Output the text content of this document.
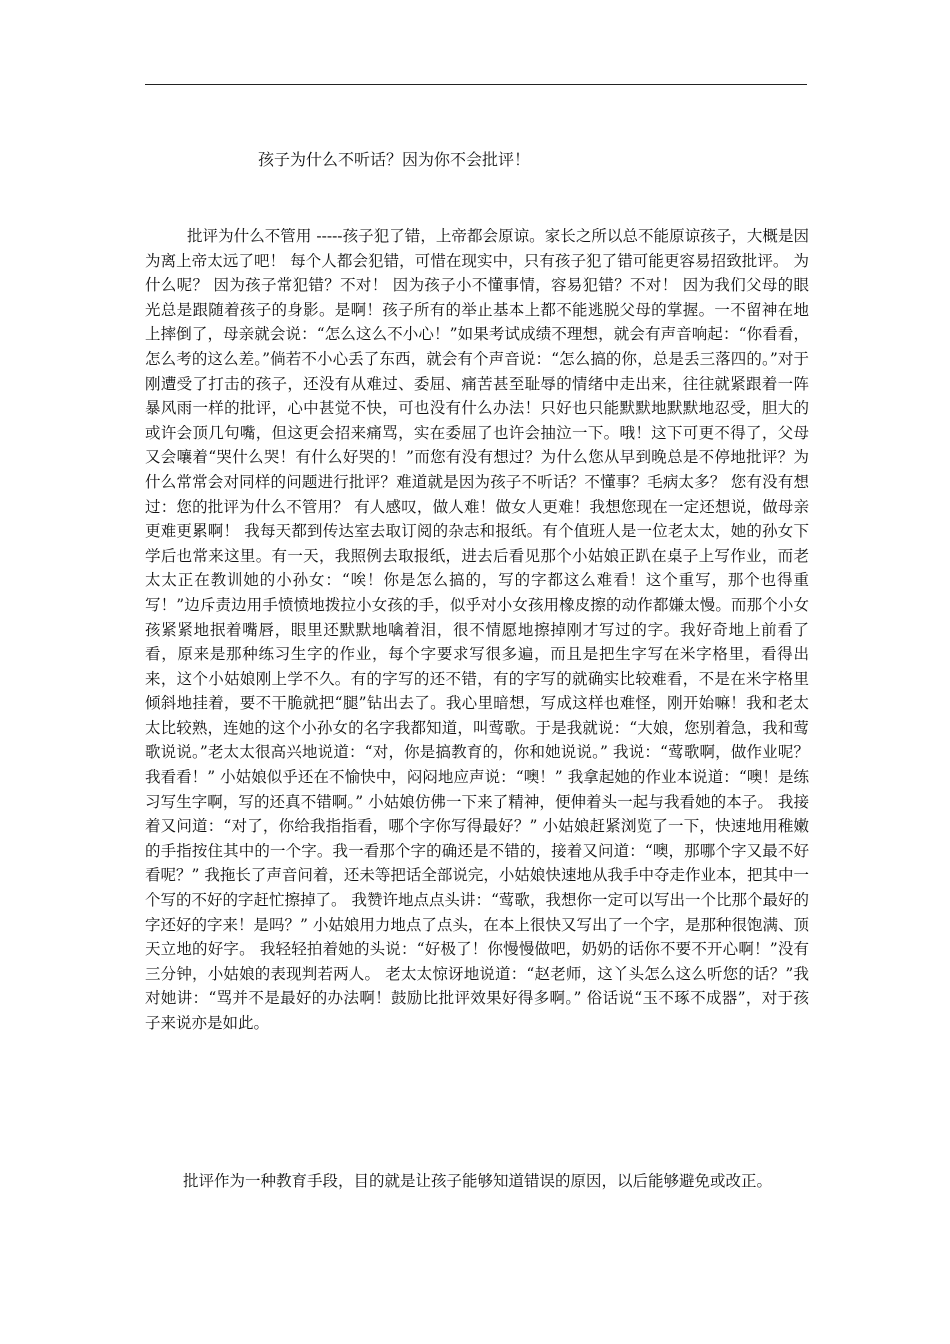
孩子为什么不听话？因为你不会批评！

批评为什么不管用 -----孩子犯了错，上帝都会原谅。家长之所以总不能原谅孩子，大概是因为离上帝太远了吧！ 每个人都会犯错，可惜在现实中，只有孩子犯了错可能更容易招致批评。 为什么呢？ 因为孩子常犯错？不对！ 因为孩子小不懂事情，容易犯错？不对！ 因为我们父母的眼光总是跟随着孩子的身影。是啊！孩子所有的举止基本上都不能逃脱父母的掌握。一不留神在地上摔倒了，母亲就会说：“怎么这么不小心！”如果考试成绩不理想，就会有声音响起：“你看看，怎么考的这么差。”倘若不小心丢了东西，就会有个声音说：“怎么搞的你，总是丢三落四的。”对于刚遭受了打击的孩子，还没有从难过、委屈、痛苦甚至耻辱的情绪中走出来，往往就紧跟着一阵暴风雨一样的批评，心中甚觉不快，可也没有什么办法！只好也只能默默地默默地忍受，胆大的或许会顶几句嘴，但这更会招来痛骂，实在委屈了也许会抽泣一下。哦！这下可更不得了，父母又会嚷着“哭什么哭！有什么好哭的！”而您有没有想过？为什么您从早到晚总是不停地批评？为什么常常会对同样的问题进行批评？难道就是因为孩子不听话？不懂事？毛病太多？ 您有没有想过：您的批评为什么不管用？ 有人感叹，做人难！做女人更难！我想您现在一定还想说，做母亲更难更累啊！ 我每天都到传达室去取订阅的杂志和报纸。有个值班人是一位老太太，她的孙女下学后也常来这里。有一天，我照例去取报纸，进去后看见那个小姑娘正趴在桌子上写作业，而老太太正在教训她的小孙女：“唉！你是怎么搞的，写的字都这么难看！这个重写，那个也得重写！”边斥责边用手愤愤地拨拉小女孩的手，似乎对小女孩用橡皮擦的动作都嫌太慢。而那个小女孩紧紧地抿着嘴唇，眼里还默默地噙着泪，很不情愿地擦掉刚才写过的字。我好奇地上前看了看，原来是那种练习生字的作业，每个字要求写很多遍，而且是把生字写在米字格里，看得出来，这个小姑娘刚上学不久。有的字写的还不错，有的字写的就确实比较难看，不是在米字格里倾斜地挂着，要不干脆就把“腿”钻出去了。我心里暗想，写成这样也难怪，刚开始嘛！我和老太太比较熟，连她的这个小孙女的名字我都知道，叫莺歌。于是我就说：“大娘，您别着急，我和莺歌说说。”老太太很高兴地说道：“对，你是搞教育的，你和她说说。” 我说：“莺歌啊，做作业呢？我看看！” 小姑娘似乎还在不愉快中，闷闷地应声说：“噢！” 我拿起她的作业本说道：“噢！是练习写生字啊，写的还真不错啊。” 小姑娘仿佛一下来了精神，便伸着头一起与我看她的本子。 我接着又问道：“对了，你给我指指看，哪个字你写得最好？” 小姑娘赶紧浏览了一下，快速地用稚嫩的手指按住其中的一个字。我一看那个字的确还是不错的，接着又问道：“噢，那哪个字又最不好看呢？” 我拖长了声音问着，还未等把话全部说完，小姑娘快速地从我手中夺走作业本，把其中一个写的不好的字赶忙擦掉了。 我赞许地点点头讲：“莺歌，我想你一定可以写出一个比那个最好的字还好的字来！是吗？” 小姑娘用力地点了点头，在本上很快又写出了一个字，是那种很饱满、顶天立地的好字。 我轻轻拍着她的头说：“好极了！你慢慢做吧，奶奶的话你不要不开心啊！”没有三分钟，小姑娘的表现判若两人。 老太太惊讶地说道：“赵老师，这丫头怎么这么听您的话？”我对她讲：“骂并不是最好的办法啊！鼓励比批评效果好得多啊。” 俗话说“玉不琢不成器”，对于孩子来说亦是如此。

批评作为一种教育手段，目的就是让孩子能够知道错误的原因，以后能够避免或改正。
